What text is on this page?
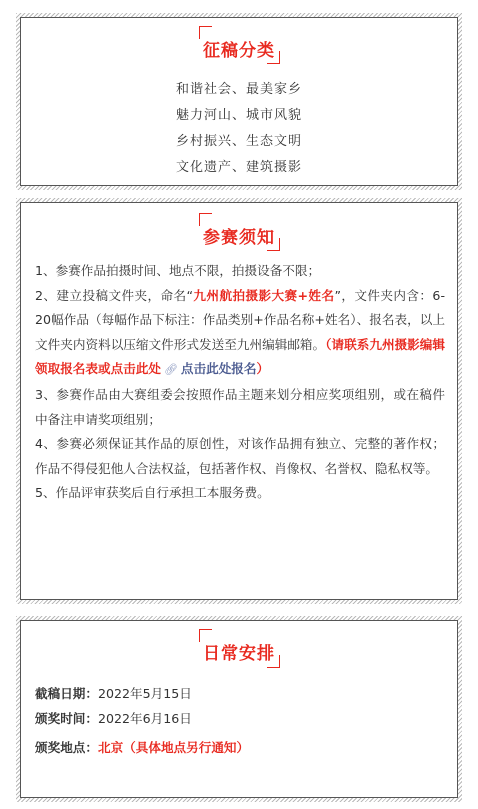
征稿分类
和谐社会、最美家乡
魅力河山、城市风貌
乡村振兴、生态文明
文化遗产、建筑摄影
参赛须知
1、参赛作品拍摄时间、地点不限，拍摄设备不限；
2、建立投稿文件夹，命名“九州航拍摄影大赛+姓名”，文件夹内含：6-20幅作品（每幅作品下标注：作品类别+作品名称+姓名）、报名表，以上文件夹内资料以压缩文件形式发送至九州编辑邮箱。（请联系九州摄影编辑领取报名表或点击此处 🔗︎ 点击此处报名）
3、参赛作品由大赛组委会按照作品主题来划分相应奖项组别，或在稿件中备注申请奖项组别；
4、参赛必须保证其作品的原创性，对该作品拥有独立、完整的著作权；作品不得侵犯他人合法权益，包括著作权、肖像权、名誉权、隐私权等。
5、作品评审获奖后自行承担工本服务费。
日常安排
截稿日期：2022年5月15日
颁奖时间：2022年6月16日
颁奖地点：北京（具体地点另行通知）
